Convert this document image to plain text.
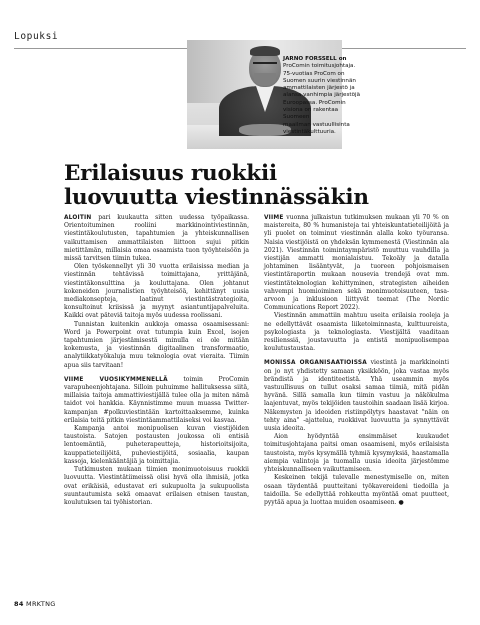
Lopuksi

JARNO FORSSELL on

ProComin toimitusjohtaja.

75-vuotias ProCom on

Suomen suurin viestinnän

ammattilaisten järjestö ja

alansa vanhimpia järjestöjä

Euroopassa. ProComin

visiona on rakentaa Suomeen

maailman vastuullisinta

viestintäkulttuuria.

Erilaisuus ruokkii
luovuutta viestinnässäkin

ALOITIN pari kuukautta sitten uudessa työpaikassa. Orientoituminen rooliini markkinointiviestinnän, viestintäkoulutusten, tapahtumien ja yhteiskunnallisen vaikuttamisen ammattilaisten liittoon sujui pitkin mietittämän, millaisia omaa osaamista tuon työyhteisöön ja missä tarvitsen tiimin tukea.

Olen työskennellyt yli 30 vuotta erilaisissa median ja viestinnän tehtävissä toimittajana, yrittäjänä, viestintäkonsulttina ja kouluttajana. Olen johtanut kokeneiden journalistien työyhteisöä, kehittänyt uusia mediakonsepteja, laatinut viestintästrategioita, konsultoinut kriisissä ja myynyt asiantuntijapalveluita. Kaikki ovat päteviä taitoja myös uudessa roolissani.

Tunnistan kuitenkin aukkoja omassa osaamisessani: Word ja Powerpoint ovat tutumpia kuin Excel, isojen tapahtumien järjestämisestä minulla ei ole mitään kokemusta, ja viestinnän digitaalinen transformaatio, analytiikkatyökaluja muu teknologia ovat vieraita. Tiimin apua siis tarvitaan!

VIIME VUOSIKYMMENELLÄ toimin ProComin varapuheenjohtajana. Silloin puhuimme hallituksessa siitä, millaisia taitoja ammattiviestijällä tulee olla ja miten nämä taidot voi hankkia. Käynnistimme muun muassa Twitter-kampanjan #polkuviestintään kartoittaaksemme, kuinka erilaisia teitä pitkin viestintäammattilaiseksi voi kasvaa.

Kampanja antoi monipuolisen kuvan viestijöiden taustoista. Satojen postausten joukossa oli entisiä lentoemäntiä, puheterapeutteja, historioitsijoita, kauppatieteilijöitä, puheviestijöitä, sosiaalia, kaupan kassoja, kielenkääntäjiä ja toimittajia.

Tutkimusten mukaan tiimien monimuotoisuus ruokkii luovuutta. Viestintätiimeissä olisi hyvä olla ihmisiä, jotka ovat erikäisiä, edustavat eri sukupuolta ja sukupuolista suuntautumista sekä omaavat erilaisen etnisen taustan, koulutuksen tai työhistorian.

VIIME vuonna julkaistun tutkimuksen mukaan yli 70 % on maistereita, 80 % humanisteja tai yhteiskuntatieteilijöitä ja yli puolet on toiminut viestinnän alalla koko työuransa. Naisia viestijöistä on yhdeksän kymmenestä (Viestinnän ala 2021). Viestinnän toimintaympäristö muuttuu vauhdilla ja viestijän ammatti monialaistuu. Tekoäly ja datalla johtaminen lisääntyvät, ja tuoreen pohjoismaisen viestintäraportin mukaan nousevia trendejä ovat mm. viestintäteknologian kehittyminen, strategisten aiheiden vahvempi huomioiminen sekä monimuotoisuuteen, tasa-arvoon ja inklusioon liittyvät teemat (The Nordic Communications Report 2022).

Viestinnän ammattiin mahtuu useita erilaisia rooleja ja ne edellyttävät osaamista liiketoiminnasta, kulttuureista, psykologiasta ja teknologiasta. Viestijältä vaaditaan resilienssiä, joustavuutta ja entistä monipuolisempaa koulutustaustaa.

MONISSA ORGANISAATIOISSA viestintä ja markkinointi on jo nyt yhdistetty samaan yksikköön, joka vastaa myös brändistä ja identiteetistä. Yhä useammin myös vastuullisuus on tullut osaksi samaa tiimiä, mitä pidän hyvänä. Sillä samalla kun tiimin vastuu ja näkökulma laajentuvat, myös tekijöiden taustoihin saadaan lisää kirjoa. Näkemysten ja ideoiden ristiinpölytys haastavat "näin on tehty aina" -ajattelua, ruokkivat luovuutta ja synnyttävät uusia ideoita.

Aion hyödyntää ensimmäiset kuukaudet toimitusjohtajana paitsi oman osaamiseni, myös erilaisista taustoista, myös kysymällä tyhmiä kysymyksiä, haastamalla aiempia valintoja ja tuomalla uusia ideoita järjestömme yhteiskunnalliseen vaikuttamiseen.

Keskeinen tekijä tulevalle menestymiselle on, miten osaan täydentää puutteitani työkavereideni tiedoilla ja taidoilla. Se edellyttää rohkeutta myöntää omat puutteet, pyytää apua ja luottaa muiden osaamiseen. ●

84 MRKTNG
